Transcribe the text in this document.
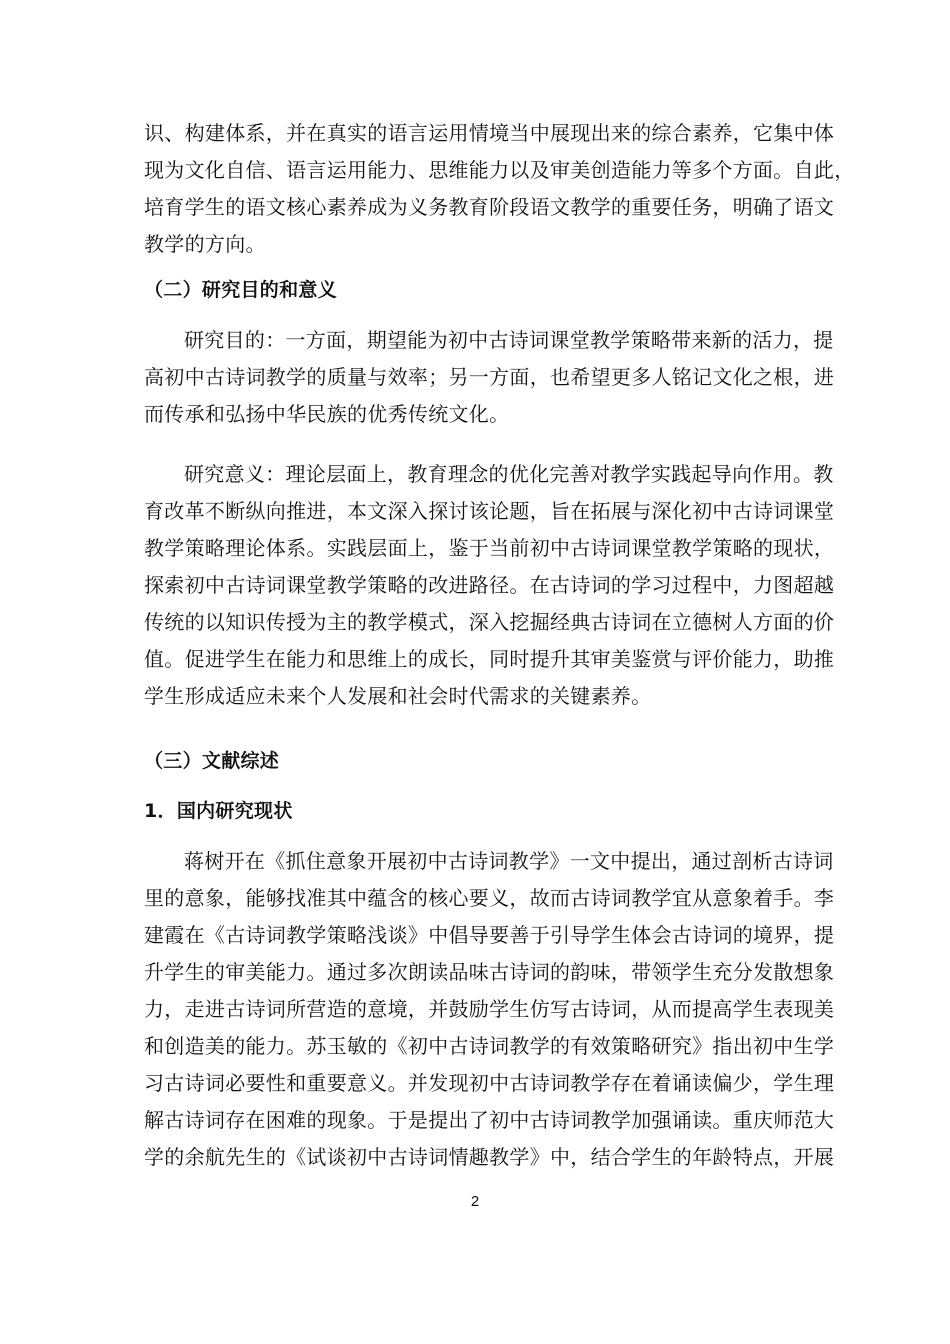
识、构建体系，并在真实的语言运用情境当中展现出来的综合素养，它集中体
现为文化自信、语言运用能力、思维能力以及审美创造能力等多个方面。自此，
培育学生的语文核心素养成为义务教育阶段语文教学的重要任务，明确了语文
教学的方向。
（二）研究目的和意义
研究目的：一方面，期望能为初中古诗词课堂教学策略带来新的活力，提
高初中古诗词教学的质量与效率；另一方面，也希望更多人铭记文化之根，进
而传承和弘扬中华民族的优秀传统文化。
研究意义：理论层面上，教育理念的优化完善对教学实践起导向作用。教
育改革不断纵向推进，本文深入探讨该论题，旨在拓展与深化初中古诗词课堂
教学策略理论体系。实践层面上，鉴于当前初中古诗词课堂教学策略的现状，
探索初中古诗词课堂教学策略的改进路径。在古诗词的学习过程中，力图超越
传统的以知识传授为主的教学模式，深入挖掘经典古诗词在立德树人方面的价
值。促进学生在能力和思维上的成长，同时提升其审美鉴赏与评价能力，助推
学生形成适应未来个人发展和社会时代需求的关键素养。
（三）文献综述
1．国内研究现状
蒋树开在《抓住意象开展初中古诗词教学》一文中提出，通过剖析古诗词
里的意象，能够找准其中蕴含的核心要义，故而古诗词教学宜从意象着手。李
建霞在《古诗词教学策略浅谈》中倡导要善于引导学生体会古诗词的境界，提
升学生的审美能力。通过多次朗读品味古诗词的韵味，带领学生充分发散想象
力，走进古诗词所营造的意境，并鼓励学生仿写古诗词，从而提高学生表现美
和创造美的能力。苏玉敏的《初中古诗词教学的有效策略研究》指出初中生学
习古诗词必要性和重要意义。并发现初中古诗词教学存在着诵读偏少，学生理
解古诗词存在困难的现象。于是提出了初中古诗词教学加强诵读。重庆师范大
学的余航先生的《试谈初中古诗词情趣教学》中，结合学生的年龄特点，开展
2
